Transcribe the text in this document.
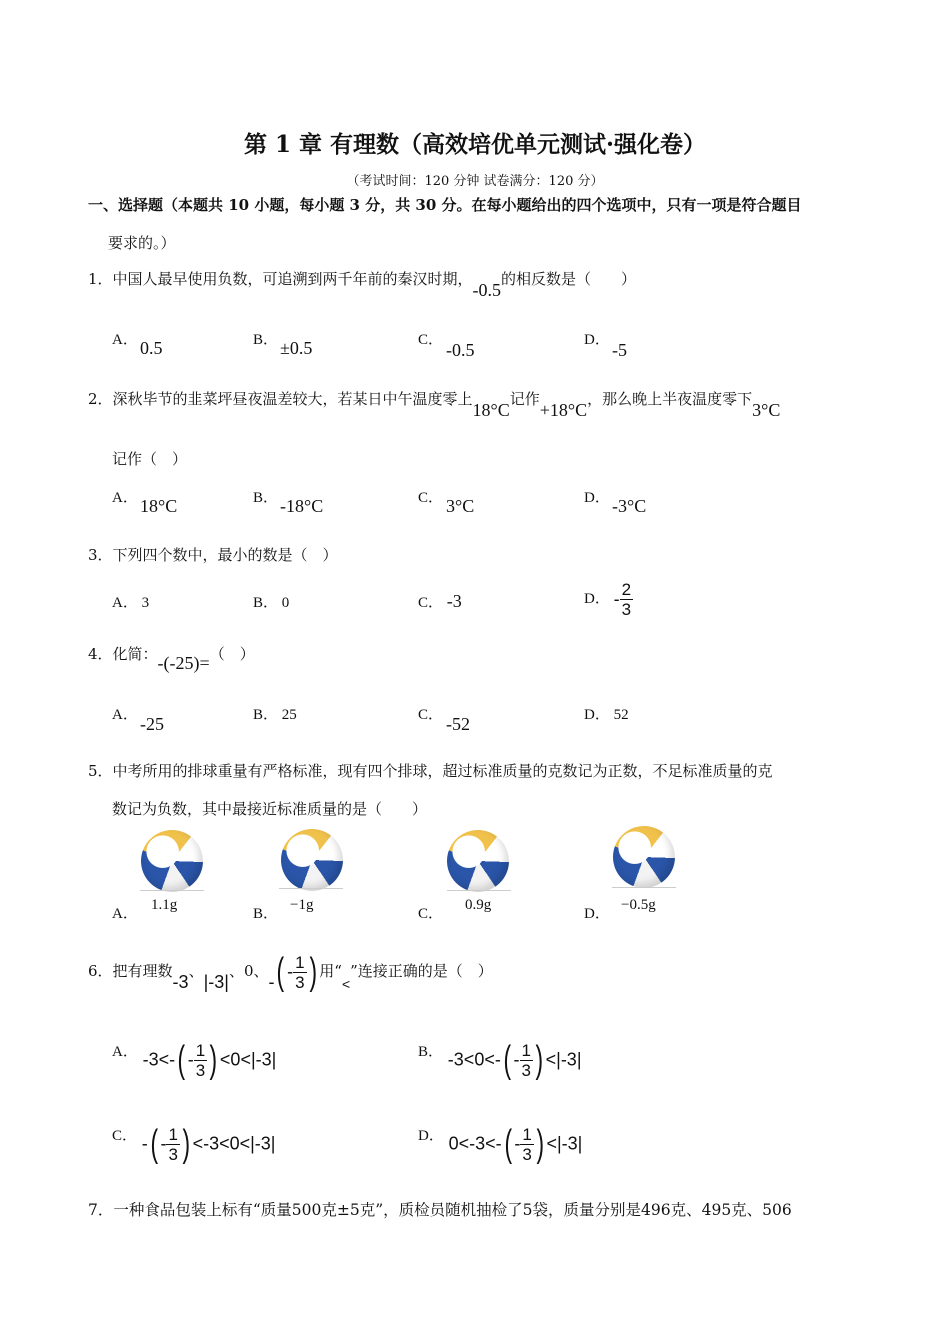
第 1 章 有理数（高效培优单元测试·强化卷）
（考试时间：120 分钟 试卷满分：120 分）
一、选择题（本题共 10 小题，每小题 3 分，共 30 分。在每小题给出的四个选项中，只有一项是符合题目
要求的。）
1．中国人最早使用负数，可追溯到两千年前的秦汉时期，-0.5的相反数是（　　）
A． 0.5	B． ±0.5	C． -0.5	D． -5
2．深秋毕节的韭菜坪昼夜温差较大，若某日中午温度零上18°C记作+18°C，那么晚上半夜温度零下3°C
记作（　）
A． 18°C	B． -18°C	C． 3°C	D． -3°C
3．下列四个数中，最小的数是（　）
A． 3	B． 0	C． -3	D． - $\frac{2}{3}$
4．化简：-(-25)=（　）
A． -25	B． 25	C． -52	D． 52
5．中考所用的排球重量有严格标准，现有四个排球，超过标准质量的克数记为正数，不足标准质量的克
数记为负数，其中最接近标准质量的是（　　）
A．
1.1g
B．
−1g
C．
0.9g
D．
−0.5g
6．把有理数-3、|-3|、0、-( - $\frac{1}{3}$ ) 用“<”连接正确的是（　）
A． $-3<-( - \frac{1}{3}$ ) <0<|-3|	B． $-3<0<-( - \frac{1}{3}$ ) <|-3|
C． -( - $\frac{1}{3}$ ) <-3<0<|-3|	D． $0<-3<-( - \frac{1}{3}$ ) <|-3|
7．一种食品包装上标有“质量500克±5克”，质检员随机抽检了5袋，质量分别是496克、495克、506
